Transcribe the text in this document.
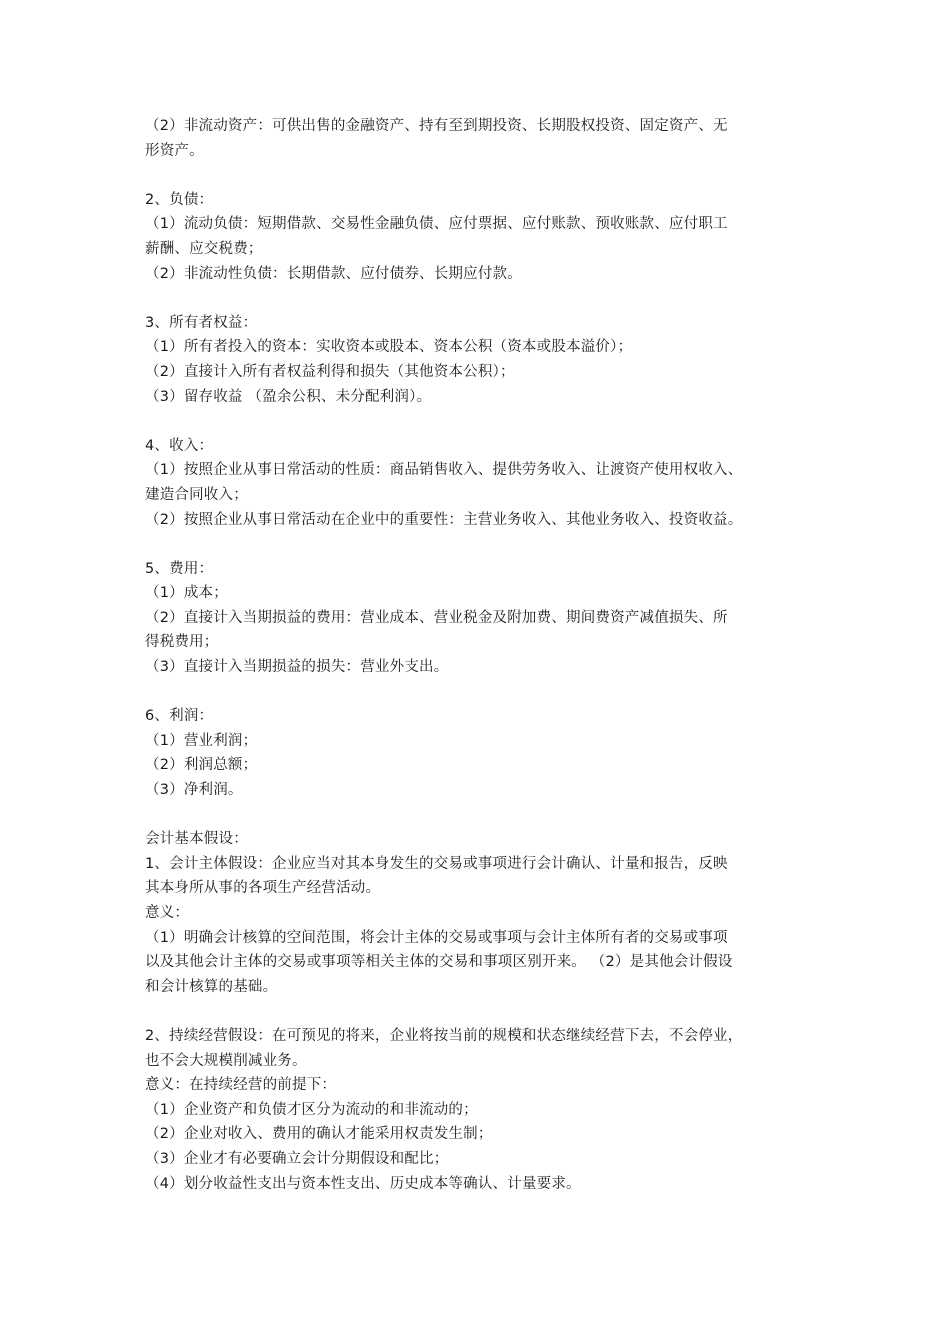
（2）非流动资产：可供出售的金融资产、持有至到期投资、长期股权投资、固定资产、无
形资产。
2、负债：
（1）流动负债：短期借款、交易性金融负债、应付票据、应付账款、预收账款、应付职工
薪酬、应交税费；
（2）非流动性负债：长期借款、应付债券、长期应付款。
3、所有者权益：
（1）所有者投入的资本：实收资本或股本、资本公积（资本或股本溢价）；
（2）直接计入所有者权益利得和损失（其他资本公积）；
（3）留存收益 （盈余公积、未分配利润）。
4、收入：
（1）按照企业从事日常活动的性质：商品销售收入、提供劳务收入、让渡资产使用权收入、
建造合同收入；
（2）按照企业从事日常活动在企业中的重要性：主营业务收入、其他业务收入、投资收益。
5、费用：
（1）成本；
（2）直接计入当期损益的费用：营业成本、营业税金及附加费、期间费资产减值损失、所
得税费用；
（3）直接计入当期损益的损失：营业外支出。
6、利润：
（1）营业利润；
（2）利润总额；
（3）净利润。
会计基本假设：
1、会计主体假设：企业应当对其本身发生的交易或事项进行会计确认、计量和报告，反映
其本身所从事的各项生产经营活动。
意义：
（1）明确会计核算的空间范围，将会计主体的交易或事项与会计主体所有者的交易或事项
以及其他会计主体的交易或事项等相关主体的交易和事项区别开来。 （2）是其他会计假设
和会计核算的基础。
2、持续经营假设：在可预见的将来，企业将按当前的规模和状态继续经营下去，不会停业，
也不会大规模削减业务。
意义：在持续经营的前提下：
（1）企业资产和负债才区分为流动的和非流动的；
（2）企业对收入、费用的确认才能采用权责发生制；
（3）企业才有必要确立会计分期假设和配比；
（4）划分收益性支出与资本性支出、历史成本等确认、计量要求。
